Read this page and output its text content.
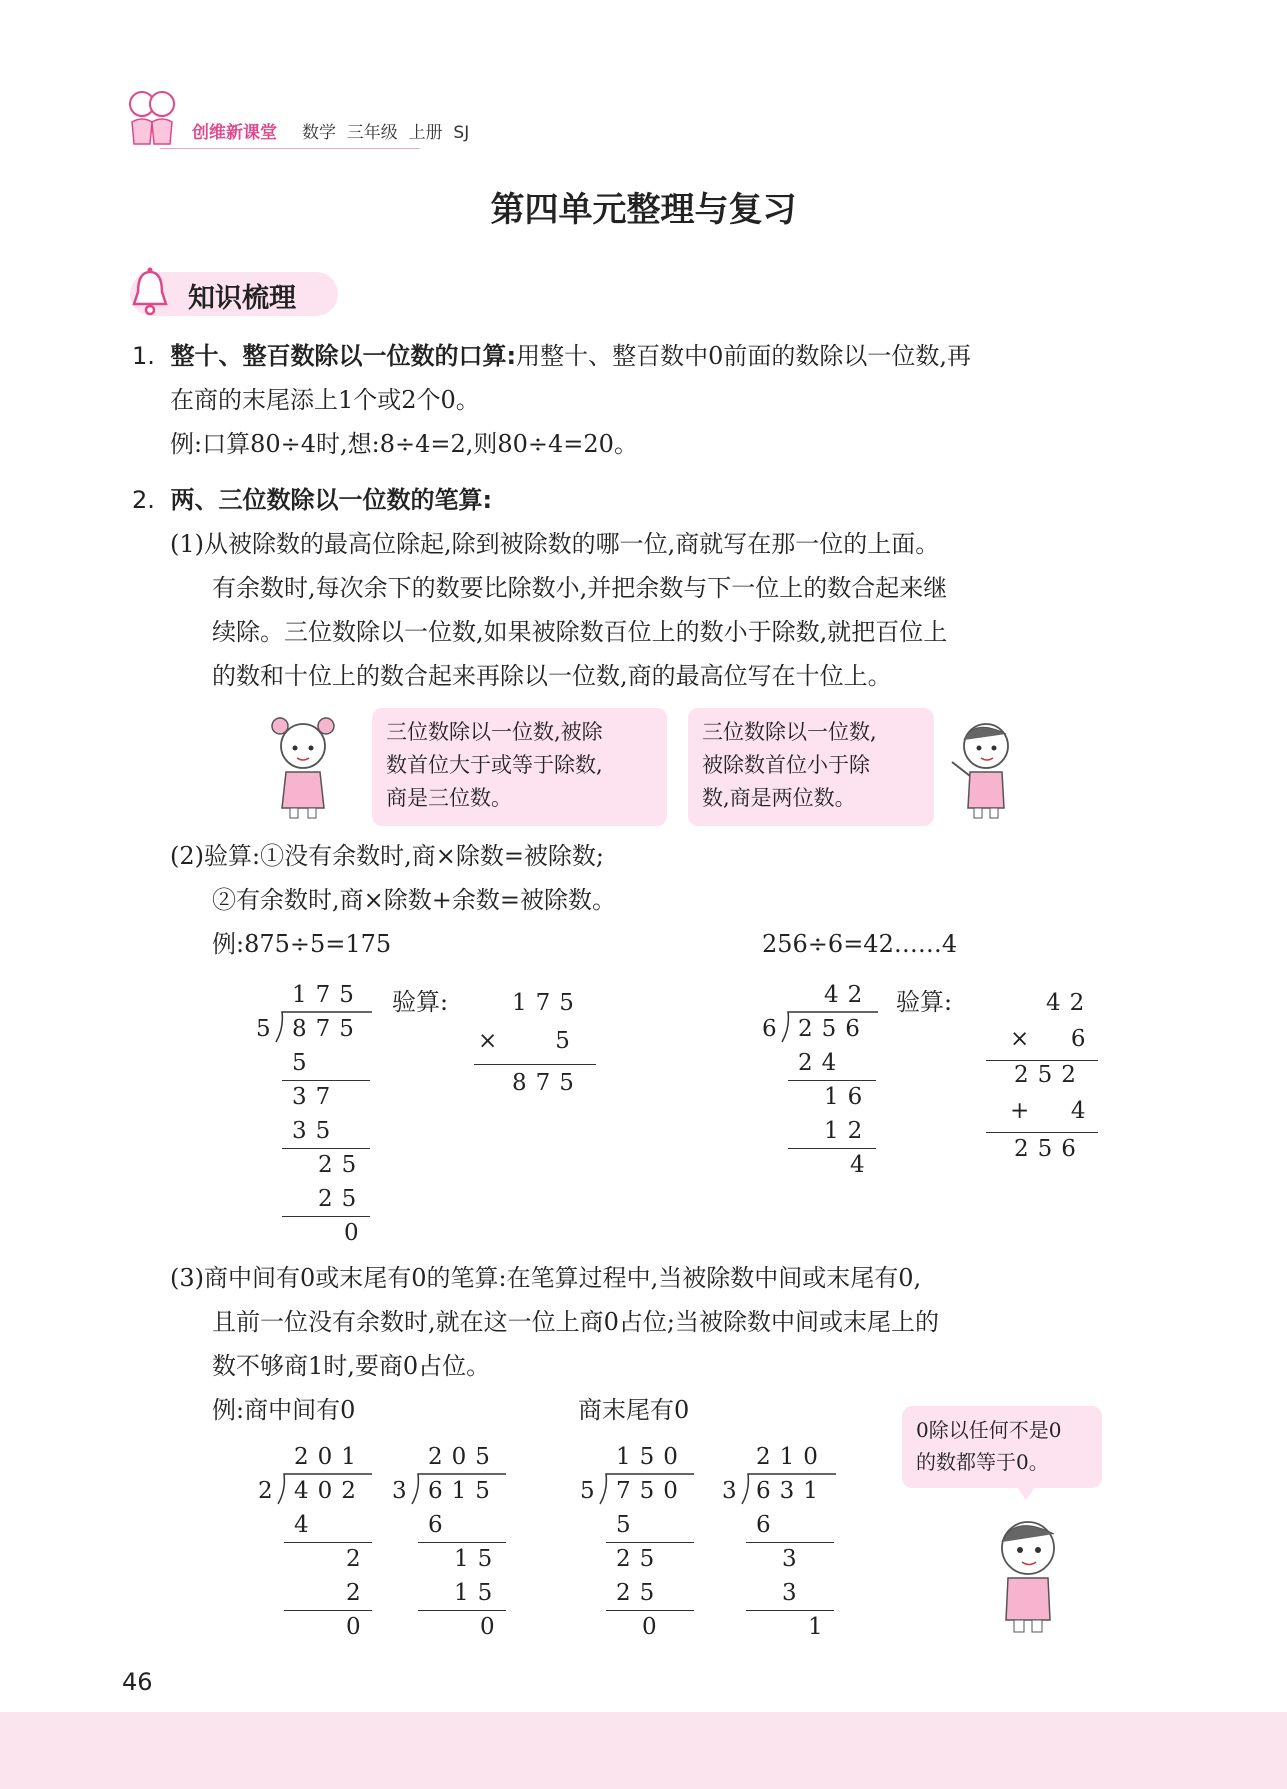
创维新课堂 数学  三年级  上册  SJ
第四单元整理与复习
知识梳理
1. 整十、整百数除以一位数的口算:用整十、整百数中0前面的数除以一位数,再
在商的末尾添上1个或2个0。
例:口算80÷4时,想:8÷4=2,则80÷4=20。
2. 两、三位数除以一位数的笔算:
(1)从被除数的最高位除起,除到被除数的哪一位,商就写在那一位的上面。
有余数时,每次余下的数要比除数小,并把余数与下一位上的数合起来继
续除。三位数除以一位数,如果被除数百位上的数小于除数,就把百位上
的数和十位上的数合起来再除以一位数,商的最高位写在十位上。
三位数除以一位数,被除
数首位大于或等于除数,
商是三位数。
三位数除以一位数,
被除数首位小于除
数,商是两位数。
(2)验算:①没有余数时,商×除数=被除数;
②有余数时,商×除数+余数=被除数。
例:875÷5=175	256÷6=42……4
175
5 875
5
37
35
25
25
0
验算:	175
×   5
875
42
6 256
24
16
12
4
验算:	42
×  6
252
+  4
256
(3)商中间有0或末尾有0的笔算:在笔算过程中,当被除数中间或末尾有0,
且前一位没有余数时,就在这一位上商0占位;当被除数中间或末尾上的
数不够商1时,要商0占位。
例:商中间有0	商末尾有0
0除以任何不是0
的数都等于0。
201
2 402
4
2
2
0
205
3 615
6
15
15
0
150
5 750
5
25
25
0
210
3 631
6
3
3
1
46
